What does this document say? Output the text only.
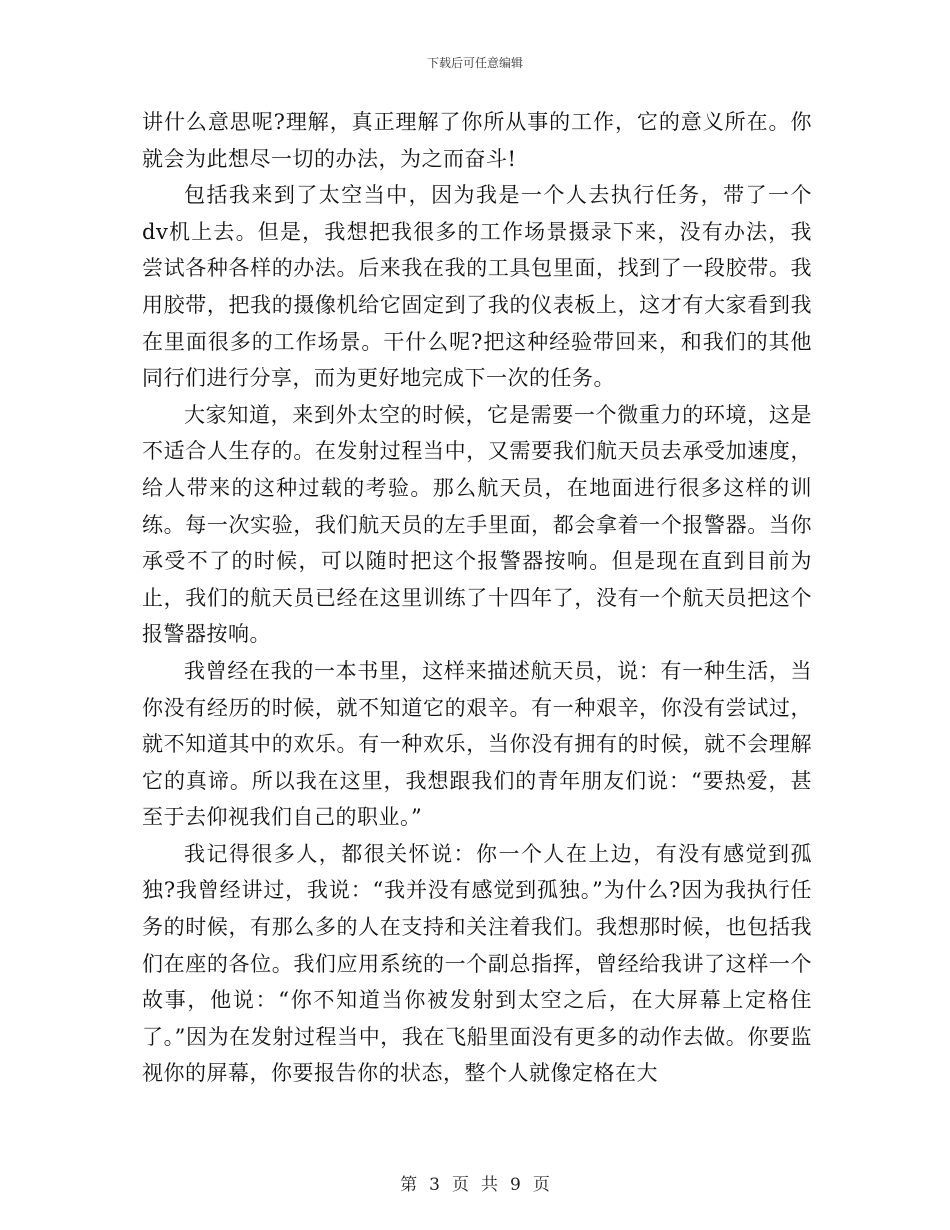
下载后可任意编辑

讲什么意思呢?理解，真正理解了你所从事的工作，它的意义所在。你就会为此想尽一切的办法，为之而奋斗!

包括我来到了太空当中，因为我是一个人去执行任务，带了一个dv机上去。但是，我想把我很多的工作场景摄录下来，没有办法，我尝试各种各样的办法。后来我在我的工具包里面，找到了一段胶带。我用胶带，把我的摄像机给它固定到了我的仪表板上，这才有大家看到我在里面很多的工作场景。干什么呢?把这种经验带回来，和我们的其他同行们进行分享，而为更好地完成下一次的任务。

大家知道，来到外太空的时候，它是需要一个微重力的环境，这是不适合人生存的。在发射过程当中，又需要我们航天员去承受加速度，给人带来的这种过载的考验。那么航天员，在地面进行很多这样的训练。每一次实验，我们航天员的左手里面，都会拿着一个报警器。当你承受不了的时候，可以随时把这个报警器按响。但是现在直到目前为止，我们的航天员已经在这里训练了十四年了，没有一个航天员把这个报警器按响。

我曾经在我的一本书里，这样来描述航天员，说：有一种生活，当你没有经历的时候，就不知道它的艰辛。有一种艰辛，你没有尝试过，就不知道其中的欢乐。有一种欢乐，当你没有拥有的时候，就不会理解它的真谛。所以我在这里，我想跟我们的青年朋友们说：“要热爱，甚至于去仰视我们自己的职业。”

我记得很多人，都很关怀说：你一个人在上边，有没有感觉到孤独?我曾经讲过，我说：“我并没有感觉到孤独。”为什么?因为我执行任务的时候，有那么多的人在支持和关注着我们。我想那时候，也包括我们在座的各位。我们应用系统的一个副总指挥，曾经给我讲了这样一个故事，他说：“你不知道当你被发射到太空之后，在大屏幕上定格住了。”因为在发射过程当中，我在飞船里面没有更多的动作去做。你要监视你的屏幕，你要报告你的状态，整个人就像定格在大

第 3 页 共 9 页
